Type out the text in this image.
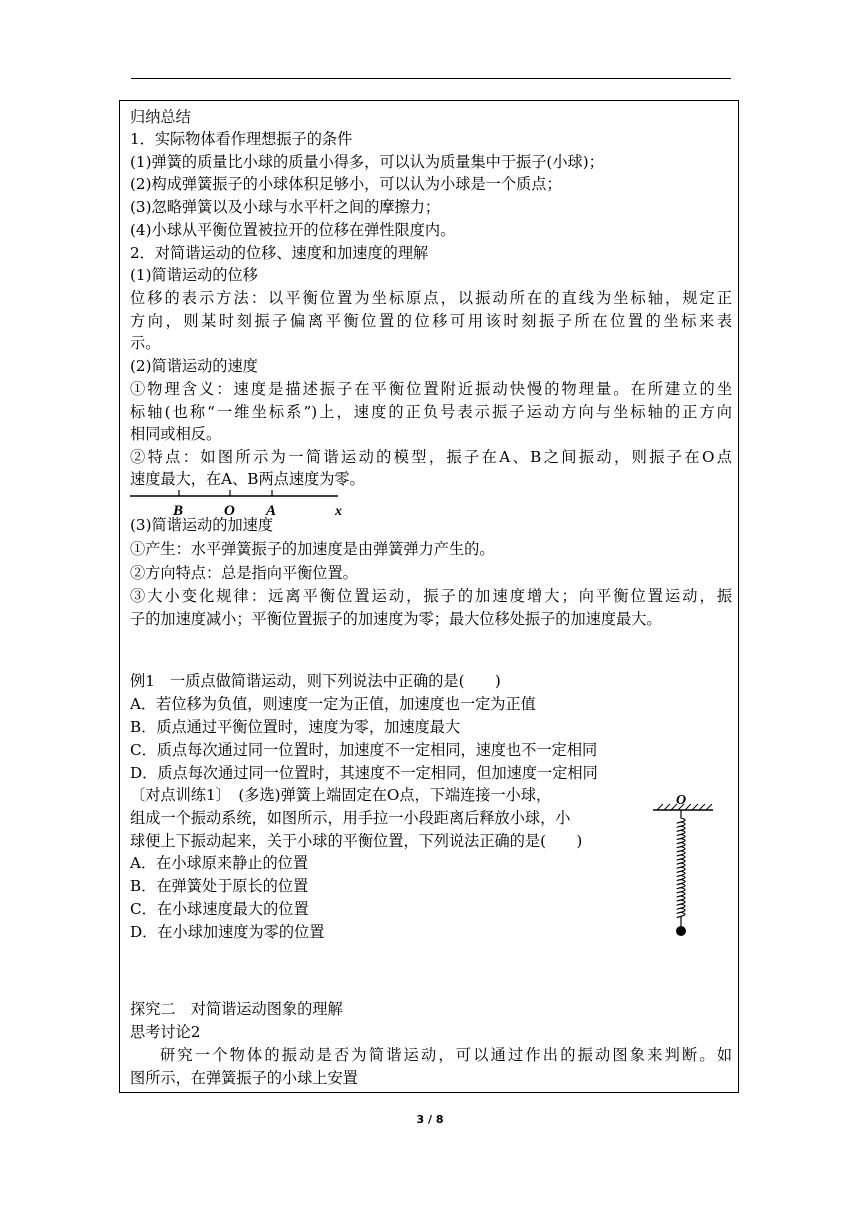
归纳总结
1．实际物体看作理想振子的条件
(1)弹簧的质量比小球的质量小得多，可以认为质量集中于振子(小球)；
(2)构成弹簧振子的小球体积足够小，可以认为小球是一个质点；
(3)忽略弹簧以及小球与水平杆之间的摩擦力；
(4)小球从平衡位置被拉开的位移在弹性限度内。
2．对简谐运动的位移、速度和加速度的理解
(1)简谐运动的位移
位移的表示方法：以平衡位置为坐标原点，以振动所在的直线为坐标轴，规定正
方向，则某时刻振子偏离平衡位置的位移可用该时刻振子所在位置的坐标来表
示。
(2)简谐运动的速度
①物理含义：速度是描述振子在平衡位置附近振动快慢的物理量。在所建立的坐
标轴(也称“一维坐标系”)上，速度的正负号表示振子运动方向与坐标轴的正方向
相同或相反。
②特点：如图所示为一简谐运动的模型，振子在A、B之间振动，则振子在O点
速度最大，在A、B两点速度为零。
B	O A	x
(3)简谐运动的加速度
①产生：水平弹簧振子的加速度是由弹簧弹力产生的。
②方向特点：总是指向平衡位置。
③大小变化规律：远离平衡位置运动，振子的加速度增大；向平衡位置运动，振
子的加速度减小；平衡位置振子的加速度为零；最大位移处振子的加速度最大。
例1　一质点做简谐运动，则下列说法中正确的是(　　)
A．若位移为负值，则速度一定为正值，加速度也一定为正值
B．质点通过平衡位置时，速度为零，加速度最大
C．质点每次通过同一位置时，加速度不一定相同，速度也不一定相同
D．质点每次通过同一位置时，其速度不一定相同，但加速度一定相同
〔对点训练1〕　(多选)弹簧上端固定在O点，下端连接一小球，
组成一个振动系统，如图所示，用手拉一小段距离后释放小球，小
球便上下振动起来，关于小球的平衡位置，下列说法正确的是(　　)
A．在小球原来静止的位置
B．在弹簧处于原长的位置
C．在小球速度最大的位置
D．在小球加速度为零的位置
O
探究二　对简谐运动图象的理解
思考讨论2
研究一个物体的振动是否为简谐运动，可以通过作出的振动图象来判断。如
图所示，在弹簧振子的小球上安置
3 / 8
